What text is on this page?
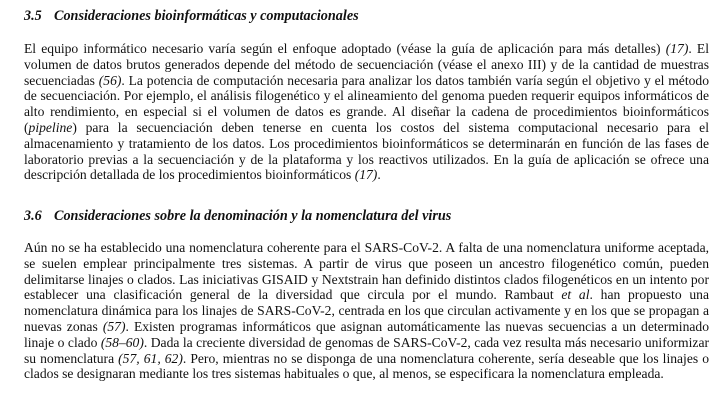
3.5 Consideraciones bioinformáticas y computacionales
El equipo informático necesario varía según el enfoque adoptado (véase la guía de aplicación para más detalles) (17). El volumen de datos brutos generados depende del método de secuenciación (véase el anexo III) y de la cantidad de muestras secuenciadas (56). La potencia de computación necesaria para analizar los datos también varía según el objetivo y el método de secuenciación. Por ejemplo, el análisis filogenético y el alineamiento del genoma pueden requerir equipos informáticos de alto rendimiento, en especial si el volumen de datos es grande. Al diseñar la cadena de procedimientos bioinformáticos (pipeline) para la secuenciación deben tenerse en cuenta los costos del sistema computacional necesario para el almacenamiento y tratamiento de los datos. Los procedimientos bioinformáticos se determinarán en función de las fases de laboratorio previas a la secuenciación y de la plataforma y los reactivos utilizados. En la guía de aplicación se ofrece una descripción detallada de los procedimientos bioinformáticos (17).
3.6 Consideraciones sobre la denominación y la nomenclatura del virus
Aún no se ha establecido una nomenclatura coherente para el SARS-CoV-2. A falta de una nomenclatura uniforme aceptada, se suelen emplear principalmente tres sistemas. A partir de virus que poseen un ancestro filogenético común, pueden delimitarse linajes o clados. Las iniciativas GISAID y Nextstrain han definido distintos clados filogenéticos en un intento por establecer una clasificación general de la diversidad que circula por el mundo. Rambaut et al. han propuesto una nomenclatura dinámica para los linajes de SARS-CoV-2, centrada en los que circulan activamente y en los que se propagan a nuevas zonas (57). Existen programas informáticos que asignan automáticamente las nuevas secuencias a un determinado linaje o clado (58–60). Dada la creciente diversidad de genomas de SARS-CoV-2, cada vez resulta más necesario uniformizar su nomenclatura (57, 61, 62). Pero, mientras no se disponga de una nomenclatura coherente, sería deseable que los linajes o clados se designaran mediante los tres sistemas habituales o que, al menos, se especificara la nomenclatura empleada.
